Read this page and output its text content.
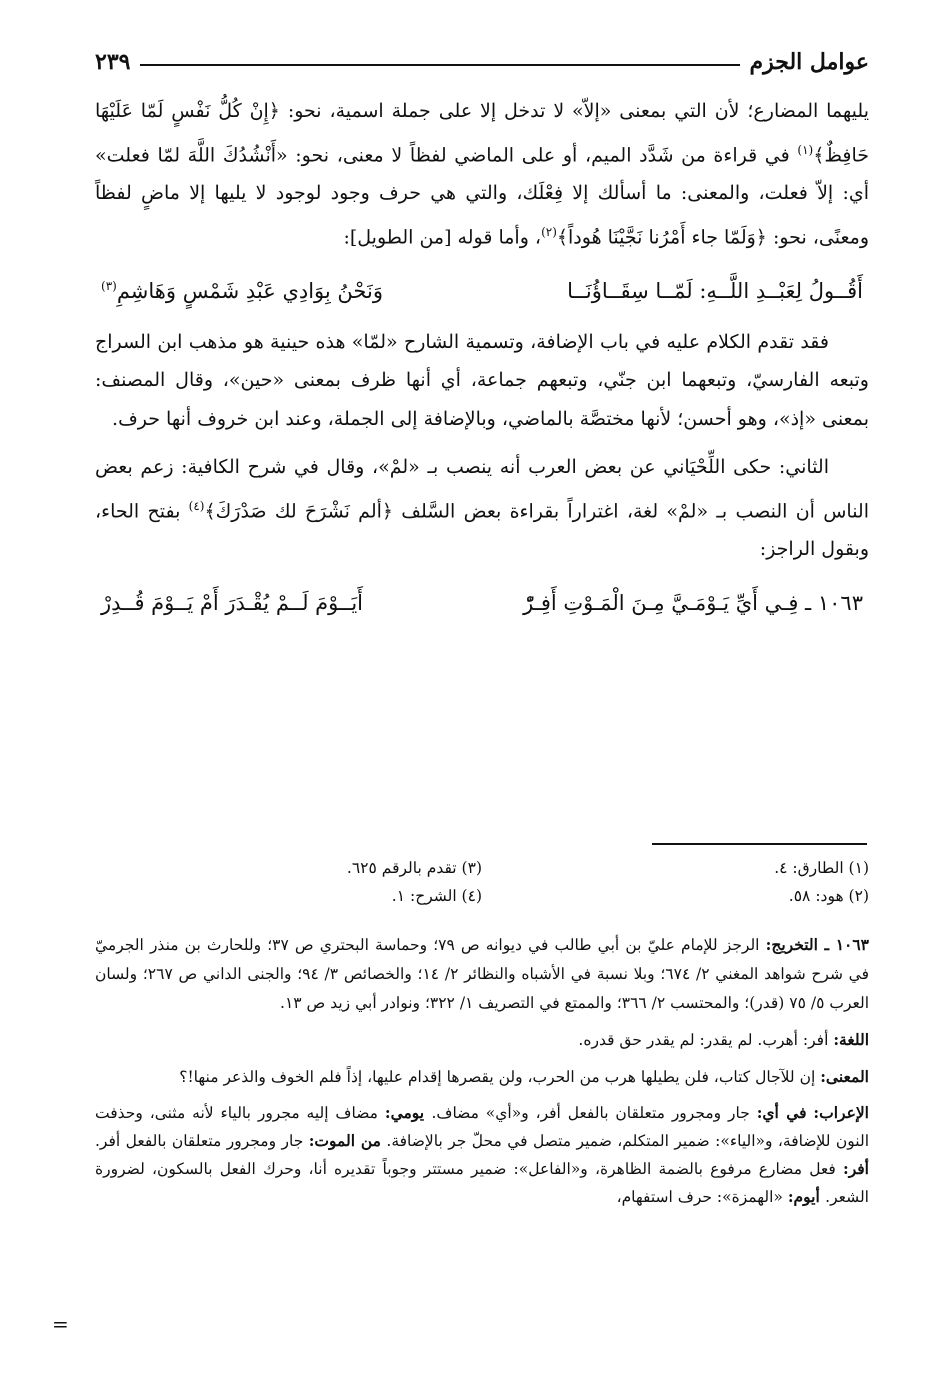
عوامل الجزم
٢٣٩

يليهما المضارع؛ لأن التي بمعنى «إلاّ» لا تدخل إلا على جملة اسمية، نحو: ﴿إِنْ كُلُّ نَفْسٍ لَمّا عَلَيْهَا حَافِظٌ﴾$^{(١)}$ في قراءة من شَدَّد الميم، أو على الماضي لفظاً لا معنى، نحو: «أَنْشُدُكَ اللَّهَ لمّا فعلت» أي: إلاّ فعلت، والمعنى: ما أسألك إلا فِعْلَك، والتي هي حرف وجود لوجود لا يليها إلا ماضٍ لفظاً ومعنًى، نحو: ﴿وَلَمّا جاء أَمْرُنا نَجَّيْنَا هُوداً﴾$^{(٢)}$، وأما قوله [من الطويل]:

أَقُــولُ لِعَبْــدِ اللَّــهِ: لَمّــا سِقَــاؤُنَــا
وَنَحْنُ بِوَادِي عَبْدِ شَمْسٍ وَهَاشِمِ$^{(٣)}$

فقد تقدم الكلام عليه في باب الإضافة، وتسمية الشارح «لمّا» هذه حينية هو مذهب ابن السراج وتبعه الفارسيّ، وتبعهما ابن جنّي، وتبعهم جماعة، أي أنها ظرف بمعنى «حين»، وقال المصنف: بمعنى «إذ»، وهو أحسن؛ لأنها مختصَّة بالماضي، وبالإضافة إلى الجملة، وعند ابن خروف أنها حرف.

الثاني: حكى اللِّحْيَاني عن بعض العرب أنه ينصب بـ «لمْ»، وقال في شرح الكافية: زعم بعض الناس أن النصب بـ «لمْ» لغة، اغتراراً بقراءة بعض السَّلف ﴿ألم نَشْرَحَ لك صَدْرَكَ﴾$^{(٤)}$ بفتح الحاء، وبقول الراجز:

١٠٦٣ ـ فِـي أَيِّ يَـوْمَـيَّ مِـنَ الْمَـوْتِ أَفِـرّْ
أَيَــوْمَ لَــمْ يُقْـدَرَ أَمْ يَــوْمَ قُــدِرْ
(١) الطارق: ٤.
(٣) تقدم بالرقم ٦٢٥.
(٢) هود: ٥٨.
(٤) الشرح: ١.

١٠٦٣ ـ التخريج: الرجز للإمام عليّ بن أبي طالب في ديوانه ص ٧٩؛ وحماسة البحتري ص ٣٧؛ وللحارث بن منذر الجرميّ في شرح شواهد المغني ٢/ ٦٧٤؛ وبلا نسبة في الأشباه والنظائر ٢/ ١٤؛ والخصائص ٣/ ٩٤؛ والجنى الداني ص ٢٦٧؛ ولسان العرب ٥/ ٧٥ (قدر)؛ والمحتسب ٢/ ٣٦٦؛ والممتع في التصريف ١/ ٣٢٢؛ ونوادر أبي زيد ص ١٣.

اللغة: أفر: أهرب. لم يقدر: لم يقدر حق قدره.

المعنى: إن للآجال كتاب، فلن يطيلها هرب من الحرب، ولن يقصرها إقدام عليها، إذاً فلم الخوف والذعر منها!؟

الإعراب: في أي: جار ومجرور متعلقان بالفعل أفر، و«أي» مضاف. يومي: مضاف إليه مجرور بالياء لأنه مثنى، وحذفت النون للإضافة، و«الياء»: ضمير المتكلم، ضمير متصل في محلّ جر بالإضافة. من الموت: جار ومجرور متعلقان بالفعل أفر. أفر: فعل مضارع مرفوع بالضمة الظاهرة، و«الفاعل»: ضمير مستتر وجوباً تقديره أنا، وحرك الفعل بالسكون، لضرورة الشعر. أيوم: «الهمزة»: حرف استفهام،

=
